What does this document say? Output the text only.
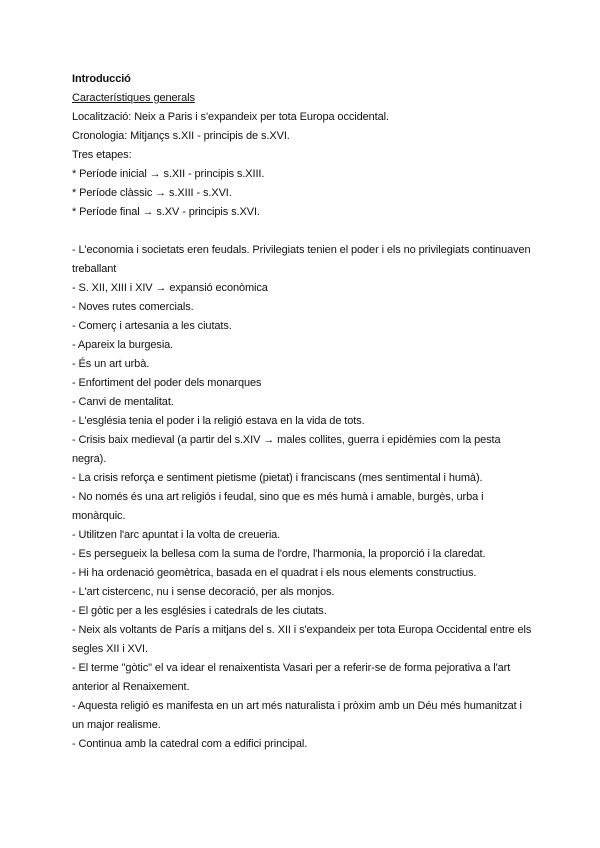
Introducció
Característiques generals
Localització: Neix a Paris i s'expandeix per tota Europa occidental.
Cronologia: Mitjançs s.XII - principis de s.XVI.
Tres etapes:
* Període inicial → s.XII - principis s.XIII.
* Període clàssic → s.XIII - s.XVI.
* Període final → s.XV - principis s.XVI.
- L'economia i societats eren feudals. Privilegiats tenien el poder i els no privilegiats continuaven treballant
- S. XII, XIII i XIV → expansió econòmica
- Noves rutes comercials.
- Comerç i artesania a les ciutats.
- Apareix la burgesia.
- És un art urbà.
- Enfortiment del poder dels monarques
- Canvi de mentalitat.
- L'església tenia el poder i la religió estava en la vida de tots.
- Crisis baix medieval (a partir del s.XIV → males collites, guerra i epidèmies com la pesta negra).
- La crisis reforça e sentiment pietisme (pietat) i franciscans (mes sentimental i humà).
- No només és una art religiós i feudal, sino que es més humà i amable, burgès, urba i monàrquic.
- Utilitzen l'arc apuntat i la volta de creueria.
- Es persegueix la bellesa com la suma de l'ordre, l'harmonia, la proporció i la claredat.
- Hi ha ordenació geomètrica, basada en el quadrat i els nous elements constructius.
- L'art cistercenc, nu i sense decoració, per als monjos.
- El gòtic per a les esglésies i catedrals de les ciutats.
- Neix als voltants de París a mitjans del s. XII i s'expandeix per tota Europa Occidental entre els segles XII i XVI.
- El terme "gòtic" el va idear el renaixentista Vasari per a referir-se de forma pejorativa a l'art anterior al Renaixement.
- Aquesta religió es manifesta en un art més naturalista i pròxim amb un Déu més humanitzat i un major realisme.
- Continua amb la catedral com a edifici principal.
